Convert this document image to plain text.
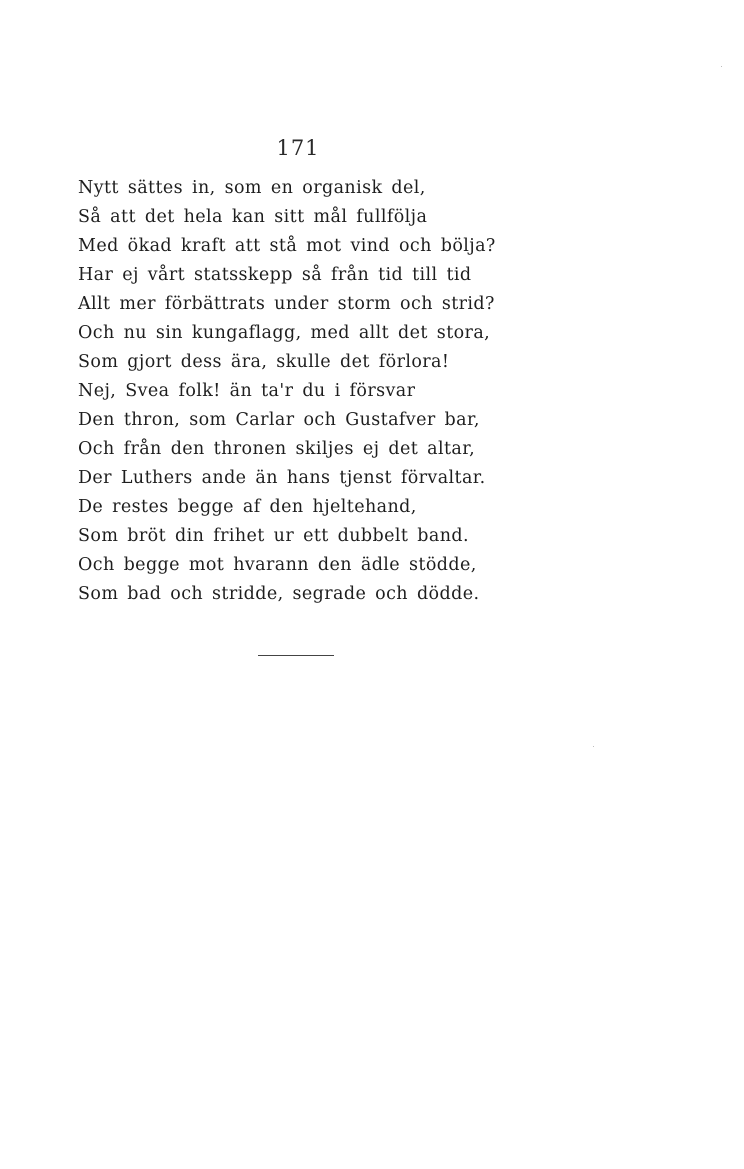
171
Nytt sättes in, som en organisk del,
Så att det hela kan sitt mål fullfölja
Med ökad kraft att stå mot vind och bölja?
Har ej vårt statsskepp så från tid till tid
Allt mer förbättrats under storm och strid?
Och nu sin kungaflagg, med allt det stora,
Som gjort dess ära, skulle det förlora!
Nej, Svea folk! än ta'r du i försvar
Den thron, som Carlar och Gustafver bar,
Och från den thronen skiljes ej det altar,
Der Luthers ande än hans tjenst förvaltar.
De restes begge af den hjeltehand,
Som bröt din frihet ur ett dubbelt band.
Och begge mot hvarann den ädle stödde,
Som bad och stridde, segrade och dödde.
